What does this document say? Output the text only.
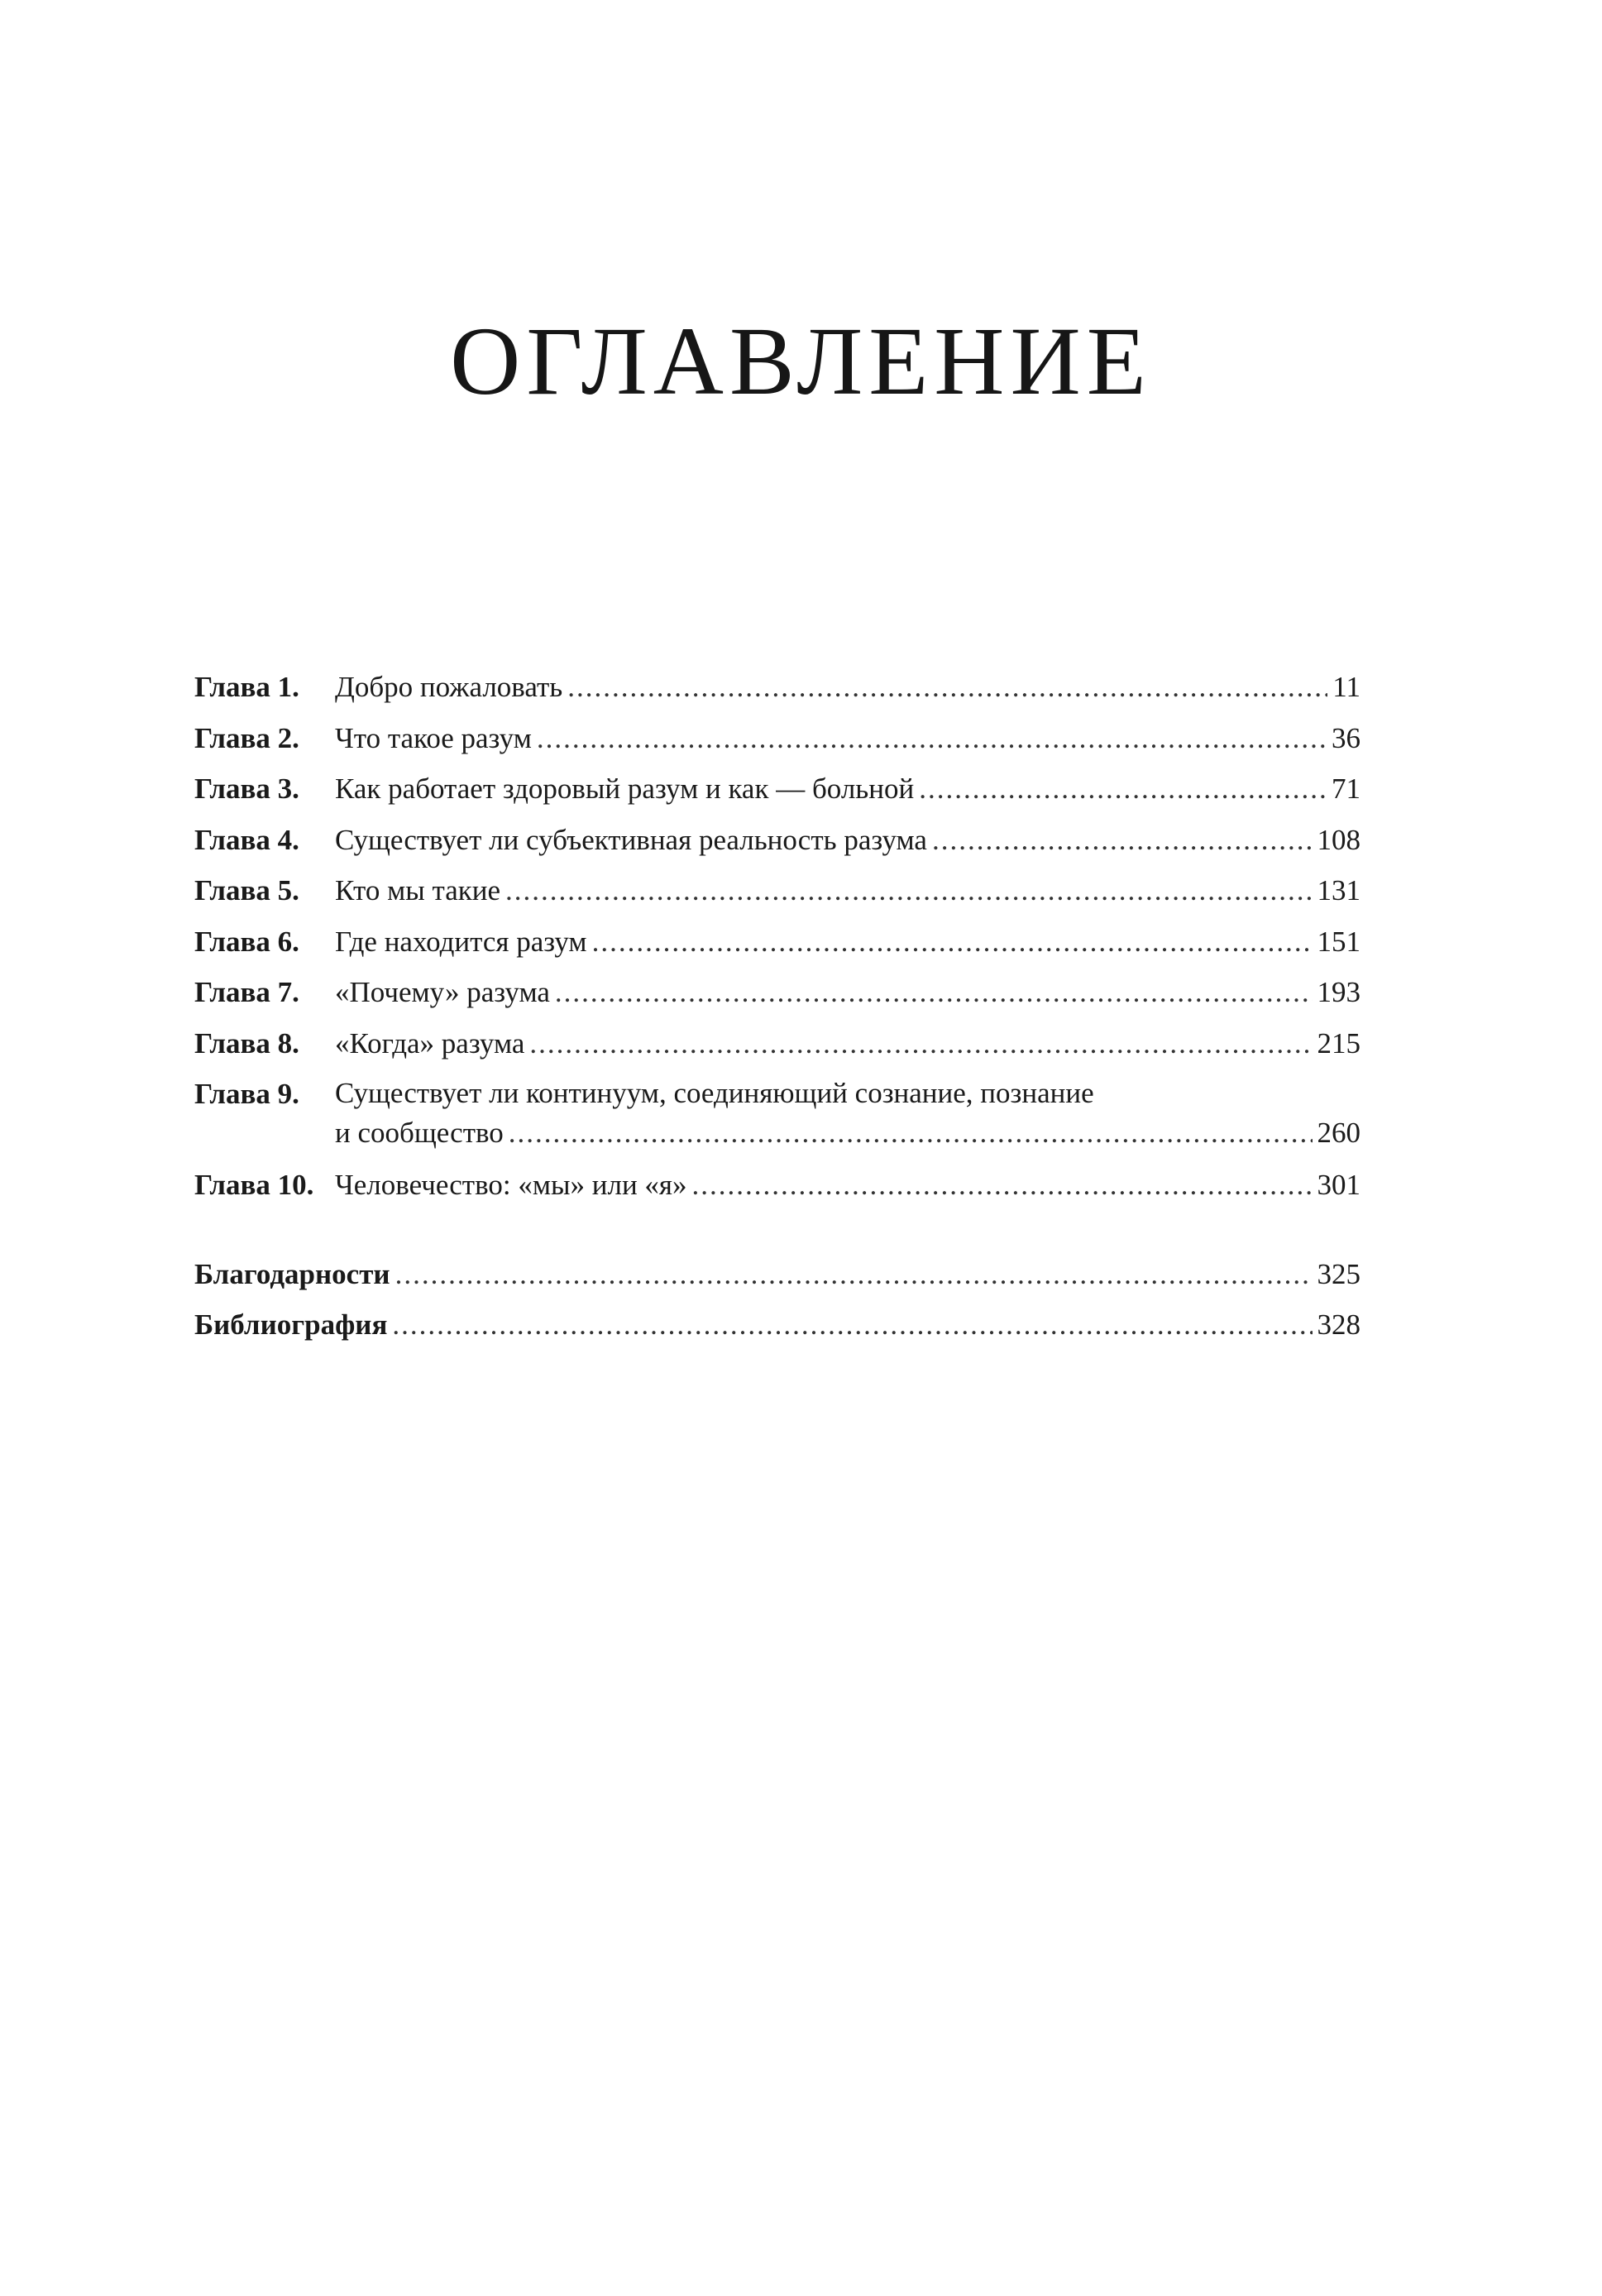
ОГЛАВЛЕНИЕ
Глава 1.	Добро пожаловать .....	11
Глава 2.	Что такое разум .....	36
Глава 3.	Как работает здоровый разум и как — больной .....	71
Глава 4.	Существует ли субъективная реальность разума .....	108
Глава 5.	Кто мы такие .....	131
Глава 6.	Где находится разум .....	151
Глава 7.	«Почему» разума .....	193
Глава 8.	«Когда» разума .....	215
Глава 9.	Существует ли континуум, соединяющий сознание, познание
и сообщество .....	260
Глава 10. Человечество: «мы» или «я» .....	301
Благодарности .....	325
Библиография .....	328
